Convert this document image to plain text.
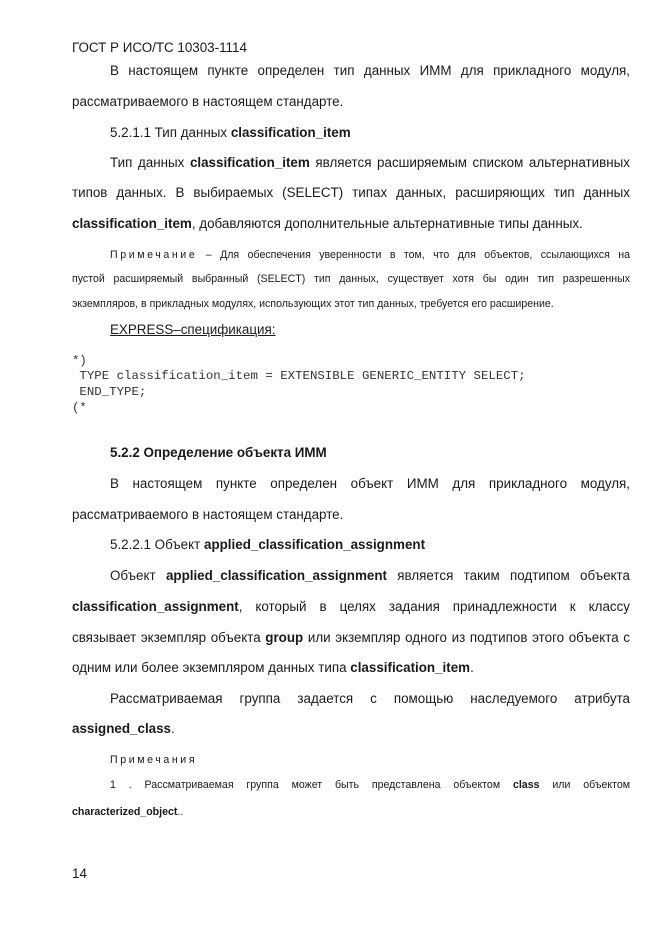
ГОСТ Р ИСО/ТС 10303-1114
В настоящем пункте определен тип данных ИММ для прикладного модуля,
рассматриваемого в настоящем стандарте.
5.2.1.1 Тип данных classification_item
Тип данных classification_item является расширяемым списком альтернативных
типов данных. В выбираемых (SELECT) типах данных, расширяющих тип данных
classification_item, добавляются дополнительные альтернативные типы данных.
Примечание – Для обеспечения уверенности в том, что для объектов, ссылающихся на
пустой расширяемый выбранный (SELECT) тип данных, существует хотя бы один тип разрешенных
экземпляров, в прикладных модулях, использующих этот тип данных, требуется его расширение.
EXPRESS–спецификация:
*)
TYPE classification_item = EXTENSIBLE GENERIC_ENTITY SELECT;
END_TYPE;
(*
5.2.2 Определение объекта ИММ
В настоящем пункте определен объект ИММ для прикладного модуля,
рассматриваемого в настоящем стандарте.
5.2.2.1 Объект applied_classification_assignment
Объект applied_classification_assignment является таким подтипом объекта
classification_assignment, который в целях задания принадлежности к классу
связывает экземпляр объекта group или экземпляр одного из подтипов этого объекта с
одним или более экземпляром данных типа classification_item.
Рассматриваемая группа задается с помощью наследуемого атрибута
assigned_class.
Примечания
1 . Рассматриваемая группа может быть представлена объектом class или объектом
characterized_object..
14
